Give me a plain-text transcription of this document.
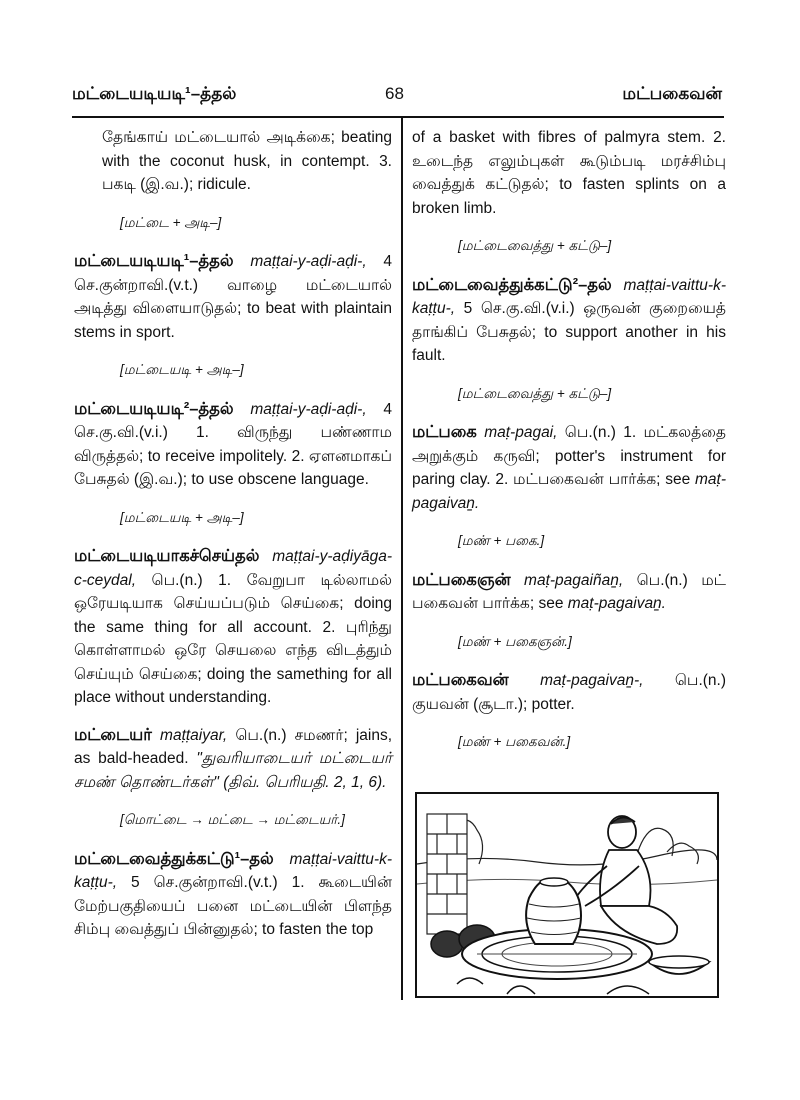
மட்டையடியடி¹–த்தல்	68	மட்பகைவன்

தேங்காய் மட்டையால் அடிக்கை; beating with the coconut husk, in contempt. 3. பகடி (இ.வ.); ridicule.

[மட்டை + அடி–]

மட்டையடியடி¹–த்தல் maṭṭai-y-aḍi-aḍi-, 4 செ.குன்றாவி.(v.t.) வாழை மட்டையால் அடித்து விளையாடுதல்; to beat with plaintain stems in sport.

[மட்டையடி + அடி–]

மட்டையடியடி²–த்தல் maṭṭai-y-aḍi-aḍi-, 4 செ.கு.வி.(v.i.) 1. விருந்து பண்ணாம விருத்தல்; to receive impolitely. 2. ஏளனமாகப் பேசுதல் (இ.வ.); to use obscene language.

[மட்டையடி + அடி–]

மட்டையடியாகச்செய்தல் maṭṭai-y-aḍiyāga-c-ceydal, பெ.(n.) 1. வேறுபா டில்லாமல் ஒரேயடியாக செய்யப்படும் செய்கை; doing the same thing for all account. 2. புரிந்து கொள்ளாமல் ஒரே செயலை எந்த விடத்தும் செய்யும் செய்கை; doing the samething for all place without understanding.

மட்டையர் maṭṭaiyar, பெ.(n.) சமணர்; jains, as bald-headed. "துவரியாடையர் மட்டையர் சமண் தொண்டர்கள்" (திவ். பெரியதி. 2, 1, 6).

[மொட்டை → மட்டை → மட்டையர்.]

மட்டைவைத்துக்கட்டு¹–தல் maṭṭai-vaittu-k-kaṭṭu-, 5 செ.குன்றாவி.(v.t.) 1. கூடையின் மேற்பகுதியைப் பனை மட்டையின் பிளந்த சிம்பு வைத்துப் பின்னுதல்; to fasten the top

of a basket with fibres of palmyra stem. 2. உடைந்த எலும்புகள் கூடும்படி மரச்சிம்பு வைத்துக் கட்டுதல்; to fasten splints on a broken limb.

[மட்டைவைத்து + கட்டு–]

மட்டைவைத்துக்கட்டு²–தல் maṭṭai-vaittu-k-kaṭṭu-, 5 செ.கு.வி.(v.i.) ஒருவன் குறையைத் தாங்கிப் பேசுதல்; to support another in his fault.

[மட்டைவைத்து + கட்டு–]

மட்பகை maṭ-pagai, பெ.(n.) 1. மட்கலத்தை அறுக்கும் கருவி; potter's instrument for paring clay. 2. மட்பகைவன் பார்க்க; see maṭ-pagaivaṉ.

[மண் + பகை.]

மட்பகைஞன் maṭ-pagaiñaṉ, பெ.(n.) மட் பகைவன் பார்க்க; see maṭ-pagaivaṉ.

[மண் + பகைஞன்.]

மட்பகைவன் maṭ-pagaivaṉ-, பெ.(n.) குயவன் (சூடா.); potter.

[மண் + பகைவன்.]
